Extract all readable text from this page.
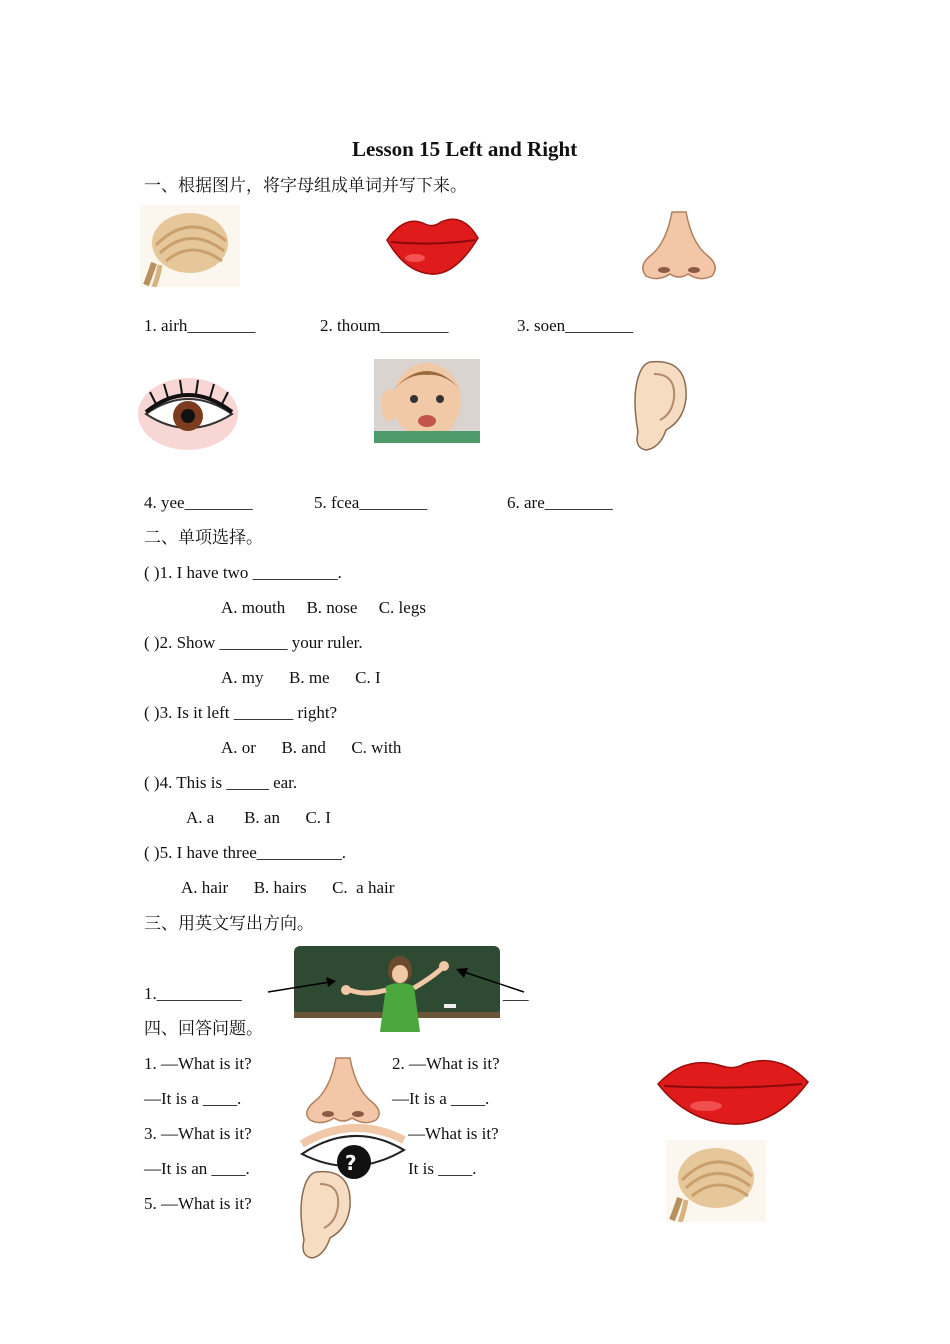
Lesson 15 Left and Right
一、根据图片，将字母组成单词并写下来。
1. airh________	2. thoum________	3. soen________
4. yee________	5. fcea________	6. are________
二、单项选择。
( )1. I have two __________.
A. mouth     B. nose     C. legs
( )2. Show ________ your ruler.
A. my      B. me      C. I
( )3. Is it left _______ right?
A. or      B. and      C. with
( )4. This is _____ ear.
A. a       B. an      C. I
( )5. I have three__________.
A. hair      B. hairs      C.  a hair
三、用英文写出方向。
1.__________	___
四、回答问题。
1. —What is it?
—It is a ____.
3. —What is it?
—It is an ____.
5. —What is it?
?
2. —What is it?
—It is a ____.
—What is it?
It is ____.
